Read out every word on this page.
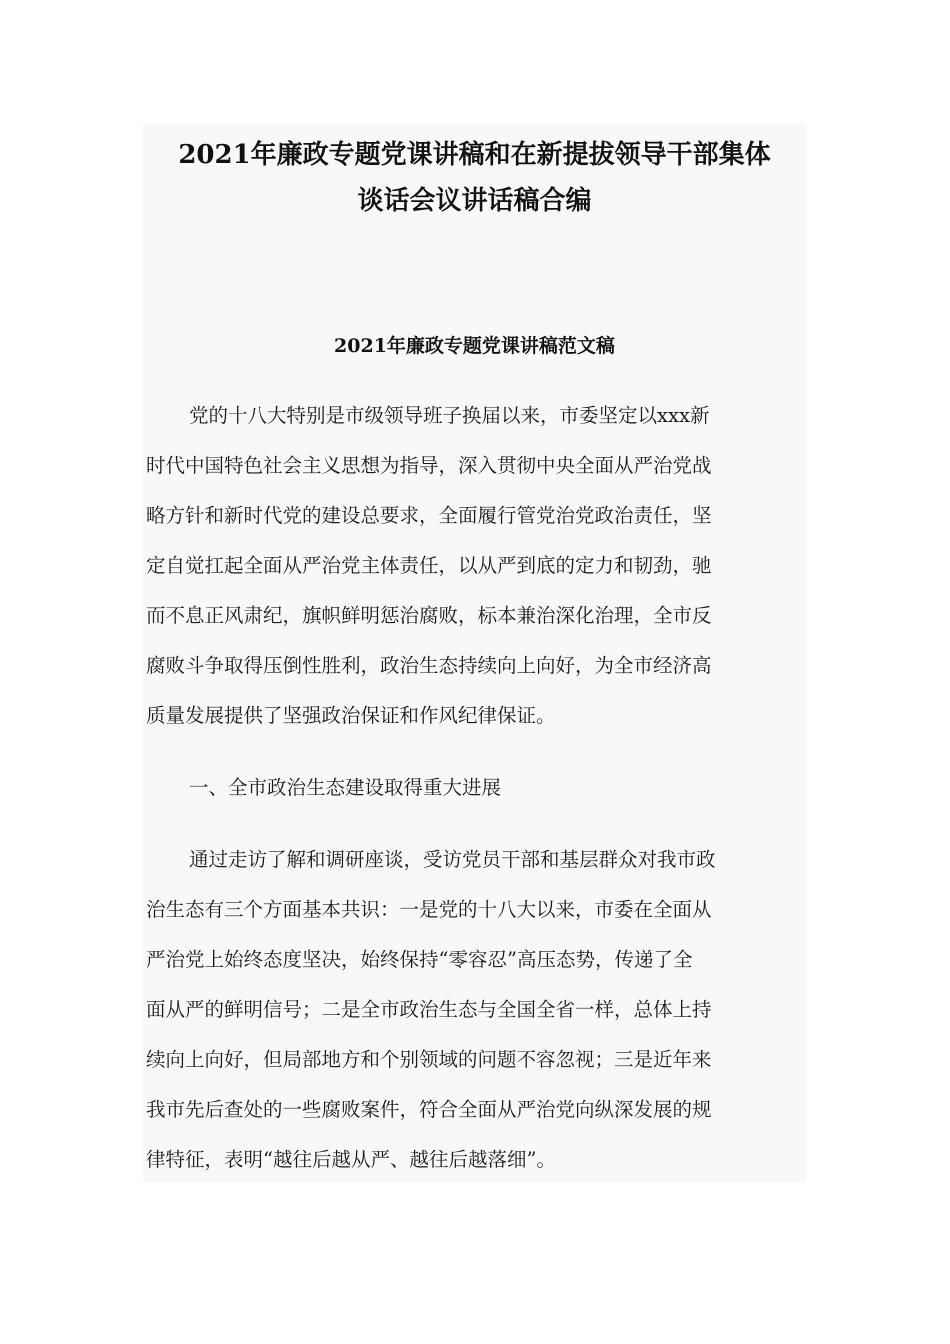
2021年廉政专题党课讲稿和在新提拔领导干部集体
谈话会议讲话稿合编
2021年廉政专题党课讲稿范文稿
党的十八大特别是市级领导班子换届以来，市委坚定以xxx新
时代中国特色社会主义思想为指导，深入贯彻中央全面从严治党战
略方针和新时代党的建设总要求，全面履行管党治党政治责任，坚
定自觉扛起全面从严治党主体责任，以从严到底的定力和韧劲，驰
而不息正风肃纪，旗帜鲜明惩治腐败，标本兼治深化治理，全市反
腐败斗争取得压倒性胜利，政治生态持续向上向好，为全市经济高
质量发展提供了坚强政治保证和作风纪律保证。
一、全市政治生态建设取得重大进展
通过走访了解和调研座谈，受访党员干部和基层群众对我市政
治生态有三个方面基本共识：一是党的十八大以来，市委在全面从
严治党上始终态度坚决，始终保持“零容忍”高压态势，传递了全
面从严的鲜明信号；二是全市政治生态与全国全省一样，总体上持
续向上向好，但局部地方和个别领域的问题不容忽视；三是近年来
我市先后查处的一些腐败案件，符合全面从严治党向纵深发展的规
律特征，表明“越往后越从严、越往后越落细”。
